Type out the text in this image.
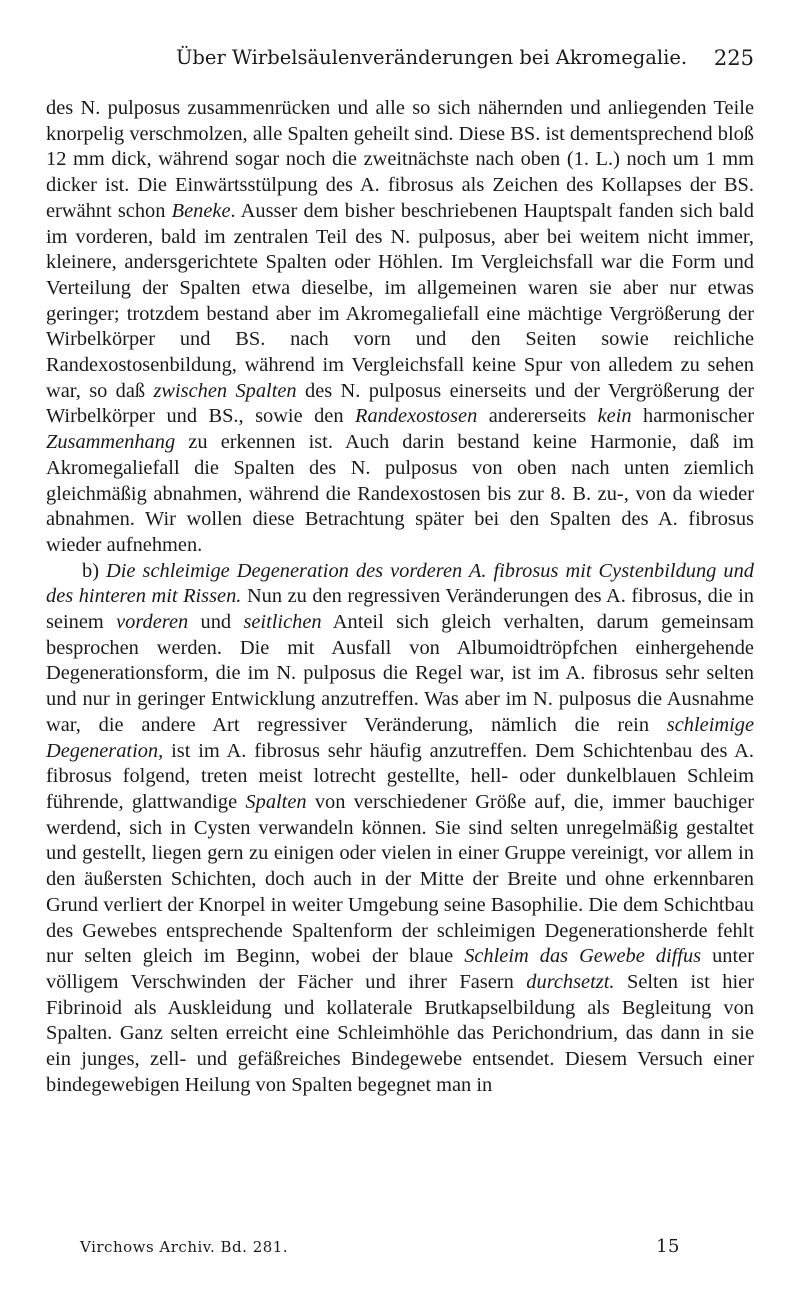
Über Wirbelsäulenveränderungen bei Akromegalie. 225

des N. pulposus zusammenrücken und alle so sich nähernden und anliegenden Teile knorpelig verschmolzen, alle Spalten geheilt sind. Diese BS. ist dementsprechend bloß 12 mm dick, während sogar noch die zweitnächste nach oben (1. L.) noch um 1 mm dicker ist. Die Einwärtsstülpung des A. fibrosus als Zeichen des Kollapses der BS. erwähnt schon Beneke. Ausser dem bisher beschriebenen Hauptspalt fanden sich bald im vorderen, bald im zentralen Teil des N. pulposus, aber bei weitem nicht immer, kleinere, andersgerichtete Spalten oder Höhlen. Im Vergleichsfall war die Form und Verteilung der Spalten etwa dieselbe, im allgemeinen waren sie aber nur etwas geringer; trotzdem bestand aber im Akromegaliefall eine mächtige Vergrößerung der Wirbelkörper und BS. nach vorn und den Seiten sowie reichliche Randexostosenbildung, während im Vergleichsfall keine Spur von alledem zu sehen war, so daß zwischen Spalten des N. pulposus einerseits und der Vergrößerung der Wirbelkörper und BS., sowie den Randexostosen andererseits kein harmonischer Zusammenhang zu erkennen ist. Auch darin bestand keine Harmonie, daß im Akromegaliefall die Spalten des N. pulposus von oben nach unten ziemlich gleichmäßig abnahmen, während die Randexostosen bis zur 8. B. zu-, von da wieder abnahmen. Wir wollen diese Betrachtung später bei den Spalten des A. fibrosus wieder aufnehmen.

b) Die schleimige Degeneration des vorderen A. fibrosus mit Cystenbildung und des hinteren mit Rissen. Nun zu den regressiven Veränderungen des A. fibrosus, die in seinem vorderen und seitlichen Anteil sich gleich verhalten, darum gemeinsam besprochen werden. Die mit Ausfall von Albumoidtröpfchen einhergehende Degenerationsform, die im N. pulposus die Regel war, ist im A. fibrosus sehr selten und nur in geringer Entwicklung anzutreffen. Was aber im N. pulposus die Ausnahme war, die andere Art regressiver Veränderung, nämlich die rein schleimige Degeneration, ist im A. fibrosus sehr häufig anzutreffen. Dem Schichtenbau des A. fibrosus folgend, treten meist lotrecht gestellte, hell- oder dunkelblauen Schleim führende, glattwandige Spalten von verschiedener Größe auf, die, immer bauchiger werdend, sich in Cysten verwandeln können. Sie sind selten unregelmäßig gestaltet und gestellt, liegen gern zu einigen oder vielen in einer Gruppe vereinigt, vor allem in den äußersten Schichten, doch auch in der Mitte der Breite und ohne erkennbaren Grund verliert der Knorpel in weiter Umgebung seine Basophilie. Die dem Schichtbau des Gewebes entsprechende Spaltenform der schleimigen Degenerationsherde fehlt nur selten gleich im Beginn, wobei der blaue Schleim das Gewebe diffus unter völligem Verschwinden der Fächer und ihrer Fasern durchsetzt. Selten ist hier Fibrinoid als Auskleidung und kollaterale Brutkapselbildung als Begleitung von Spalten. Ganz selten erreicht eine Schleimhöhle das Perichondrium, das dann in sie ein junges, zell- und gefäßreiches Bindegewebe entsendet. Diesem Versuch einer bindegewebigen Heilung von Spalten begegnet man in

Virchows Archiv. Bd. 281.	15
